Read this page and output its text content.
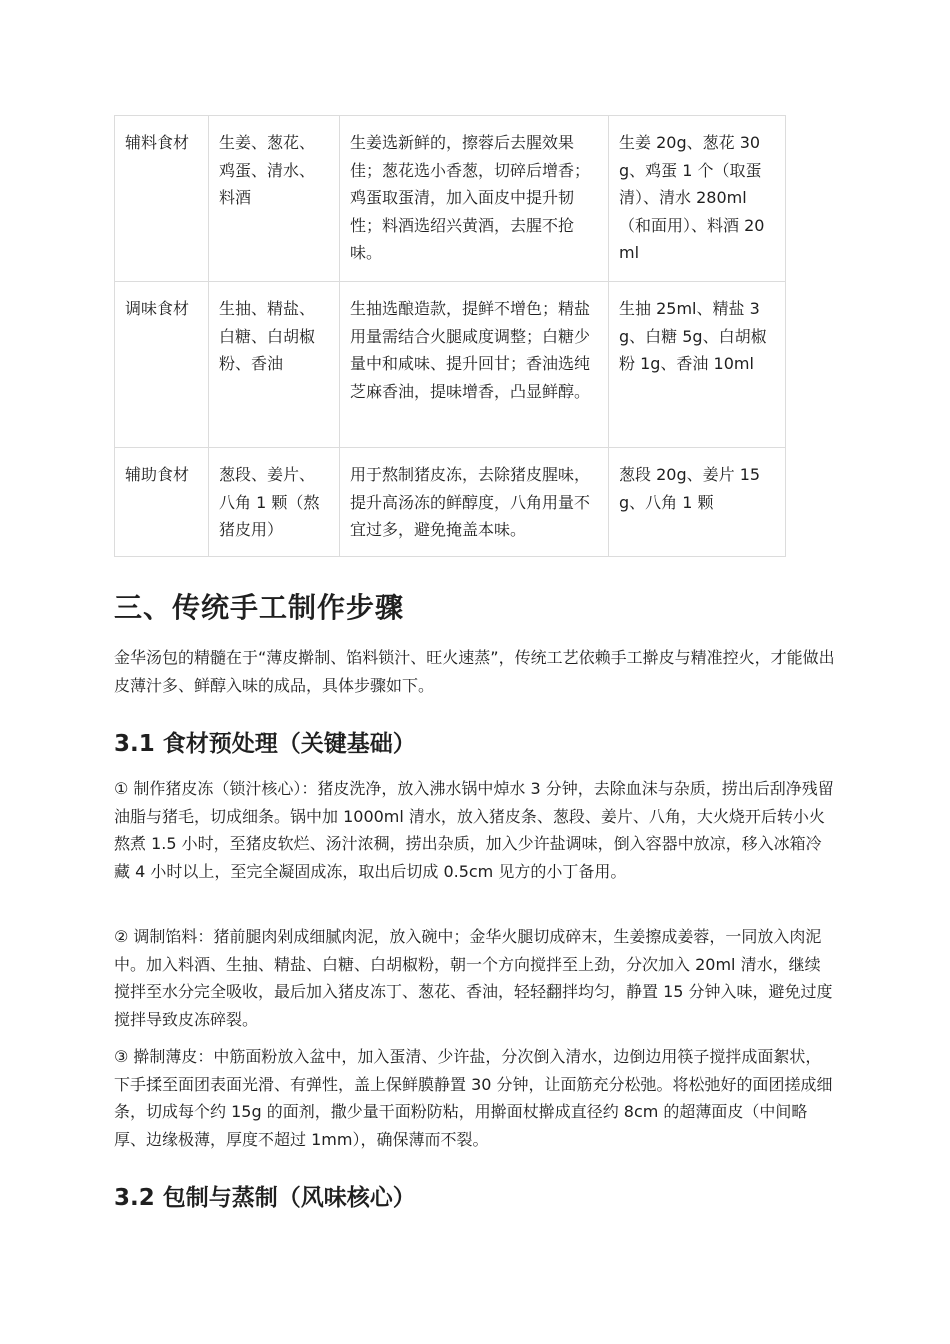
辅料食材	生姜、葱花、鸡蛋、清水、料酒	生姜选新鲜的，擦蓉后去腥效果佳；葱花选小香葱，切碎后增香；鸡蛋取蛋清，加入面皮中提升韧性；料酒选绍兴黄酒，去腥不抢味。	生姜 20g、葱花 30g、鸡蛋 1 个（取蛋清）、清水 280ml（和面用）、料酒 20ml
调味食材	生抽、精盐、白糖、白胡椒粉、香油	生抽选酿造款，提鲜不增色；精盐用量需结合火腿咸度调整；白糖少量中和咸味、提升回甘；香油选纯芝麻香油，提味增香，凸显鲜醇。	生抽 25ml、精盐 3g、白糖 5g、白胡椒粉 1g、香油 10ml
辅助食材	葱段、姜片、八角 1 颗（熬猪皮用）	用于熬制猪皮冻，去除猪皮腥味，提升高汤冻的鲜醇度，八角用量不宜过多，避免掩盖本味。	葱段 20g、姜片 15g、八角 1 颗
三、传统手工制作步骤

金华汤包的精髓在于“薄皮擀制、馅料锁汁、旺火速蒸”，传统工艺依赖手工擀皮与精准控火，才能做出皮薄汁多、鲜醇入味的成品，具体步骤如下。

3.1 食材预处理（关键基础）

① 制作猪皮冻（锁汁核心）：猪皮洗净，放入沸水锅中焯水 3 分钟，去除血沫与杂质，捞出后刮净残留油脂与猪毛，切成细条。锅中加 1000ml 清水，放入猪皮条、葱段、姜片、八角，大火烧开后转小火熬煮 1.5 小时，至猪皮软烂、汤汁浓稠，捞出杂质，加入少许盐调味，倒入容器中放凉，移入冰箱冷藏 4 小时以上，至完全凝固成冻，取出后切成 0.5cm 见方的小丁备用。

② 调制馅料：猪前腿肉剁成细腻肉泥，放入碗中；金华火腿切成碎末，生姜擦成姜蓉，一同放入肉泥中。加入料酒、生抽、精盐、白糖、白胡椒粉，朝一个方向搅拌至上劲，分次加入 20ml 清水，继续搅拌至水分完全吸收，最后加入猪皮冻丁、葱花、香油，轻轻翻拌均匀，静置 15 分钟入味，避免过度搅拌导致皮冻碎裂。

③ 擀制薄皮：中筋面粉放入盆中，加入蛋清、少许盐，分次倒入清水，边倒边用筷子搅拌成面絮状，下手揉至面团表面光滑、有弹性，盖上保鲜膜静置 30 分钟，让面筋充分松弛。将松弛好的面团搓成细条，切成每个约 15g 的面剂，撒少量干面粉防粘，用擀面杖擀成直径约 8cm 的超薄面皮（中间略厚、边缘极薄，厚度不超过 1mm），确保薄而不裂。

3.2 包制与蒸制（风味核心）
